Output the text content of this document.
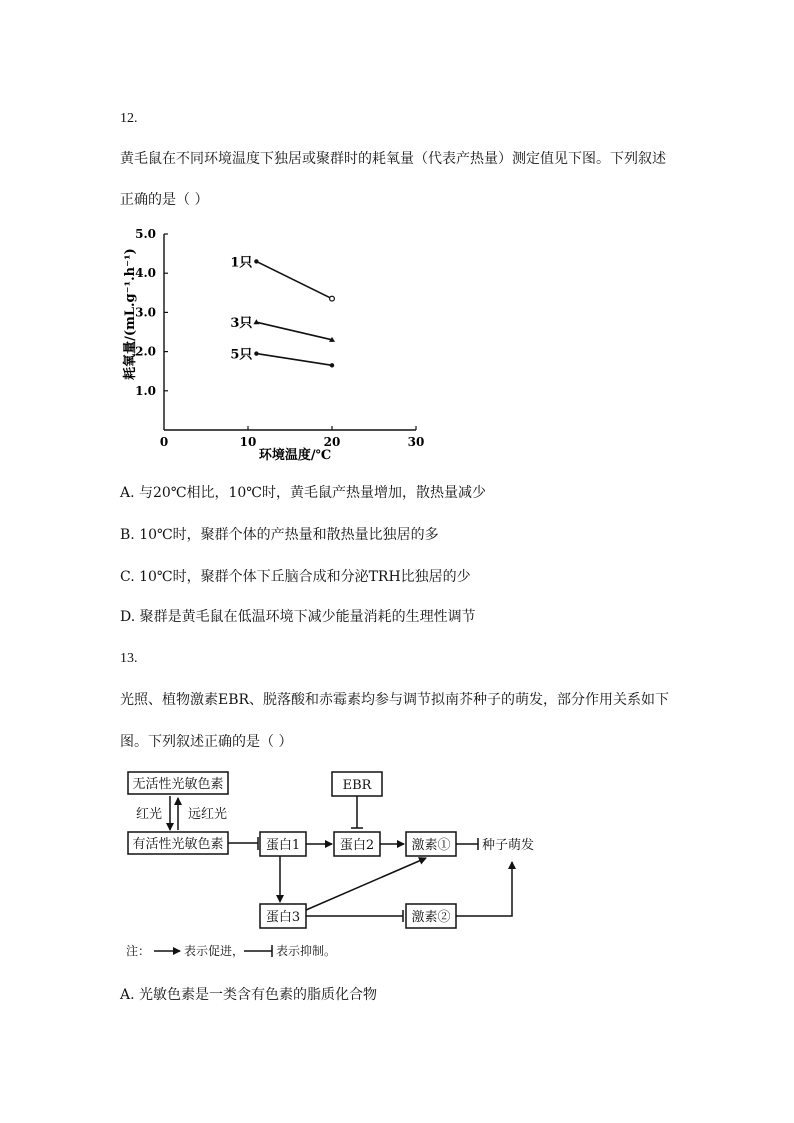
12.
黄毛鼠在不同环境温度下独居或聚群时的耗氧量（代表产热量）测定值见下图。下列叙述
正确的是（ ）
0	10	20	30
1.0
2.0
3.0
4.0
5.0
1只
3只
5只
耗氧量/(mL.g⁻¹.h⁻¹)
环境温度/℃
A. 与20℃相比，10℃时，黄毛鼠产热量增加，散热量减少
B. 10℃时，聚群个体的产热量和散热量比独居的多
C. 10℃时，聚群个体下丘脑合成和分泌TRH比独居的少
D. 聚群是黄毛鼠在低温环境下减少能量消耗的生理性调节
13.
光照、植物激素EBR、脱落酸和赤霉素均参与调节拟南芥种子的萌发，部分作用关系如下
图。下列叙述正确的是（ ）
无活性光敏色素
有活性光敏色素
EBR
蛋白1	蛋白2	激素① 种子萌发
蛋白3	激素②
红光 远红光
注：	表示促进，	表示抑制。
A. 光敏色素是一类含有色素的脂质化合物
